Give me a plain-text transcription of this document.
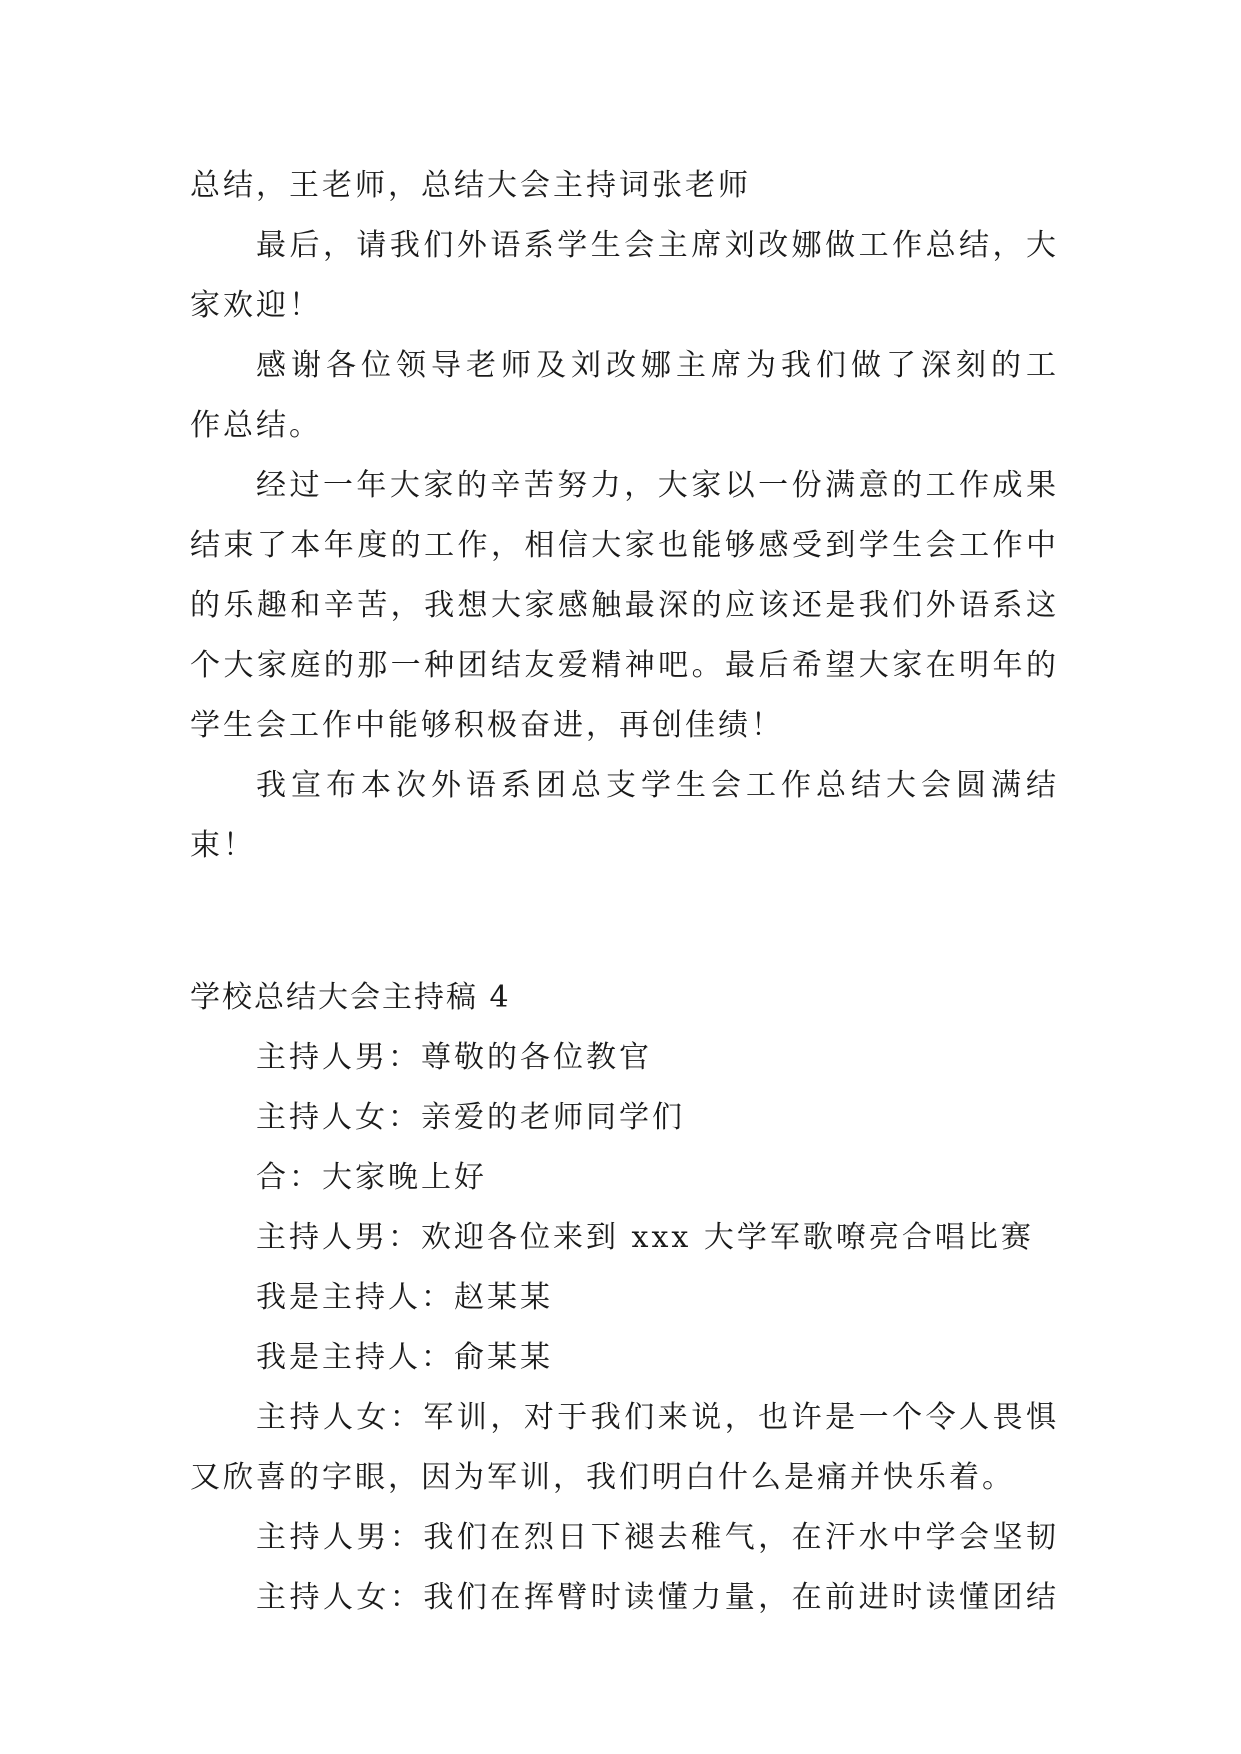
总结，王老师，总结大会主持词张老师
最后，请我们外语系学生会主席刘改娜做工作总结，大
家欢迎！
感谢各位领导老师及刘改娜主席为我们做了深刻的工
作总结。
经过一年大家的辛苦努力，大家以一份满意的工作成果
结束了本年度的工作，相信大家也能够感受到学生会工作中
的乐趣和辛苦，我想大家感触最深的应该还是我们外语系这
个大家庭的那一种团结友爱精神吧。最后希望大家在明年的
学生会工作中能够积极奋进，再创佳绩！
我宣布本次外语系团总支学生会工作总结大会圆满结
束！
学校总结大会主持稿 4
主持人男：尊敬的各位教官
主持人女：亲爱的老师同学们
合：大家晚上好
主持人男：欢迎各位来到 xxx 大学军歌嘹亮合唱比赛
我是主持人：赵某某
我是主持人：俞某某
主持人女：军训，对于我们来说，也许是一个令人畏惧
又欣喜的字眼，因为军训，我们明白什么是痛并快乐着。
主持人男：我们在烈日下褪去稚气，在汗水中学会坚韧
主持人女：我们在挥臂时读懂力量，在前进时读懂团结
